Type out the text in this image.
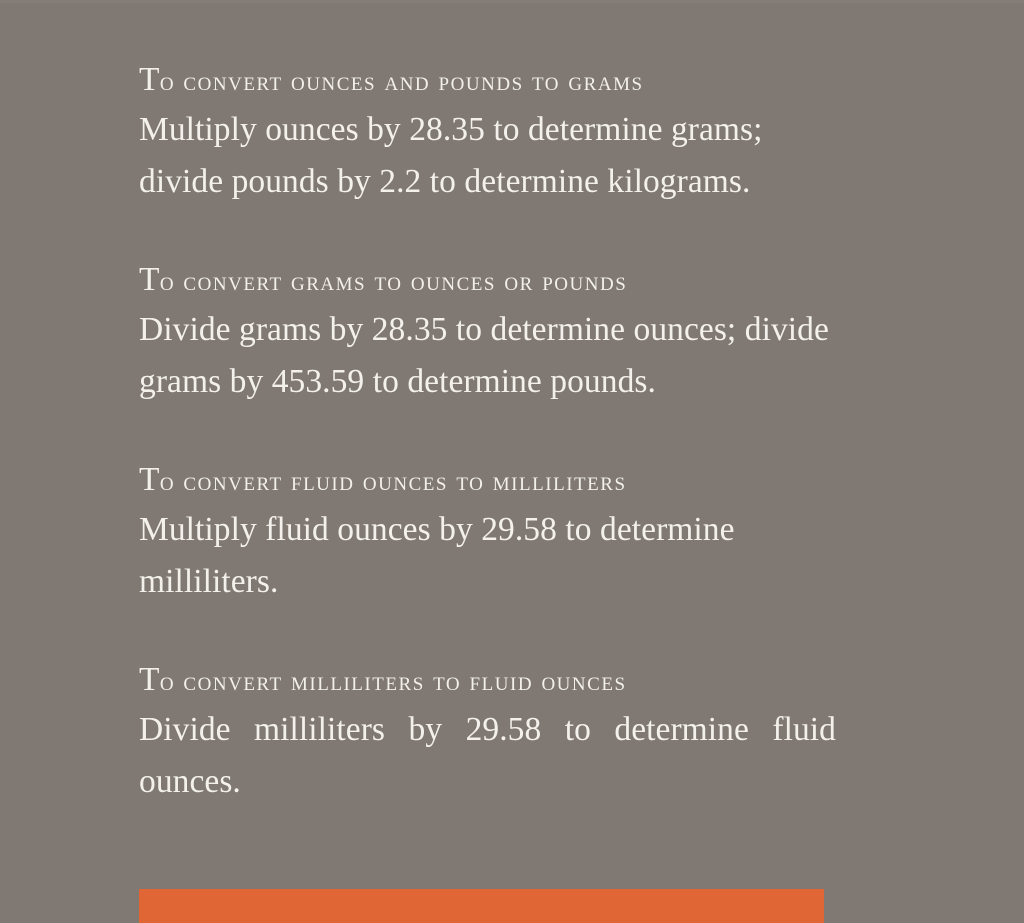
To convert ounces and pounds to grams

Multiply ounces by 28.35 to determine grams; divide pounds by 2.2 to determine kilograms.

To convert grams to ounces or pounds

Divide grams by 28.35 to determine ounces; divide grams by 453.59 to determine pounds.

To convert fluid ounces to milliliters

Multiply fluid ounces by 29.58 to determine milliliters.

To convert milliliters to fluid ounces

Divide milliliters by 29.58 to determine fluid ounces.
